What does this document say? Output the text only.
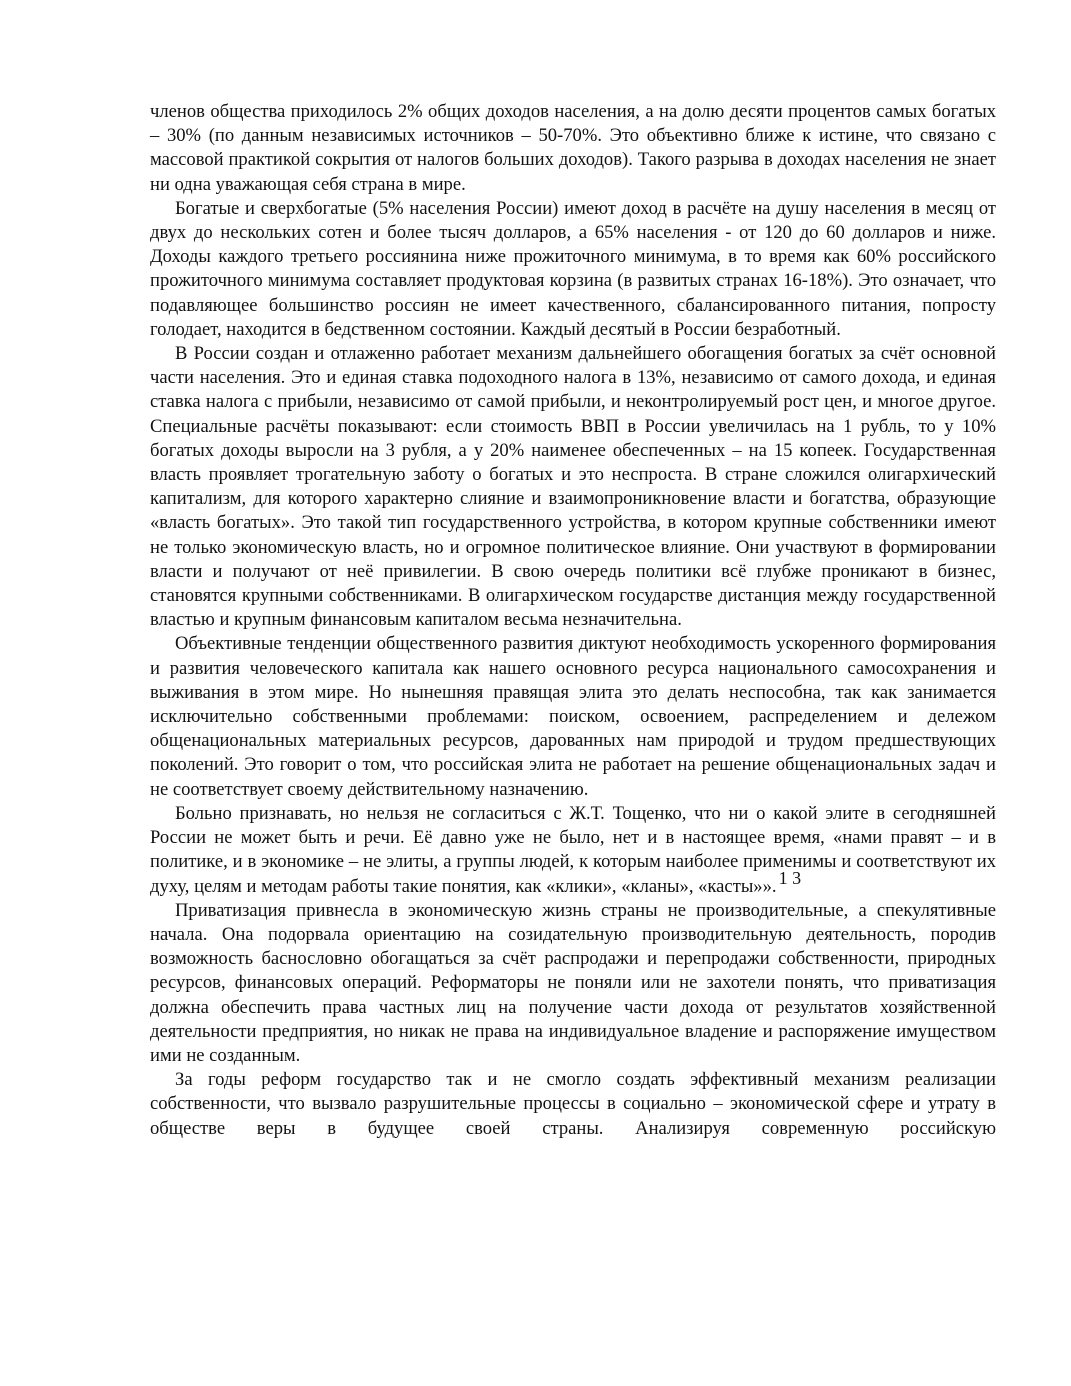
членов общества приходилось 2% общих доходов населения, а на долю десяти процентов самых богатых – 30% (по данным независимых источников – 50-70%. Это объективно ближе к истине, что связано с массовой практикой сокрытия от налогов больших доходов). Такого разрыва в доходах населения не знает ни одна уважающая себя страна в мире.

Богатые и сверхбогатые (5% населения России) имеют доход в расчёте на душу населения в месяц от двух до нескольких сотен и более тысяч долларов, а 65% населения - от 120 до 60 долларов и ниже. Доходы каждого третьего россиянина ниже прожиточного минимума, в то время как 60% российского прожиточного минимума составляет продуктовая корзина (в развитых странах 16-18%). Это означает, что подавляющее большинство россиян не имеет качественного, сбалансированного питания, попросту голодает, находится в бедственном состоянии. Каждый десятый в России безработный.

В России создан и отлаженно работает механизм дальнейшего обогащения богатых за счёт основной части населения. Это и единая ставка подоходного налога в 13%, независимо от самого дохода, и единая ставка налога с прибыли, независимо от самой прибыли, и неконтролируемый рост цен, и многое другое. Специальные расчёты показывают: если стоимость ВВП в России увеличилась на 1 рубль, то у 10% богатых доходы выросли на 3 рубля, а у 20% наименее обеспеченных – на 15 копеек. Государственная власть проявляет трогательную заботу о богатых и это неспроста. В стране сложился олигархический капитализм, для которого характерно слияние и взаимопроникновение власти и богатства, образующие «власть богатых». Это такой тип государственного устройства, в котором крупные собственники имеют не только экономическую власть, но и огромное политическое влияние. Они участвуют в формировании власти и получают от неё привилегии. В свою очередь политики всё глубже проникают в бизнес, становятся крупными собственниками. В олигархическом государстве дистанция между государственной властью и крупным финансовым капиталом весьма незначительна.

Объективные тенденции общественного развития диктуют необходимость ускоренного формирования и развития человеческого капитала как нашего основного ресурса национального самосохранения и выживания в этом мире. Но нынешняя правящая элита это делать неспособна, так как занимается исключительно собственными проблемами: поиском, освоением, распределением и дележом общенациональных материальных ресурсов, дарованных нам природой и трудом предшествующих поколений. Это говорит о том, что российская элита не работает на решение общенациональных задач и не соответствует своему действительному назначению.

Больно признавать, но нельзя не согласиться с Ж.Т. Тощенко, что ни о какой элите в сегодняшней России не может быть и речи. Её давно уже не было, нет и в настоящее время, «нами правят – и в политике, и в экономике – не элиты, а группы людей, к которым наиболее применимы и соответствуют их духу, целям и методам работы такие понятия, как «клики», «кланы», «касты»». 1 3

Приватизация привнесла в экономическую жизнь страны не производительные, а спекулятивные начала. Она подорвала ориентацию на созидательную производительную деятельность, породив возможность баснословно обогащаться за счёт распродажи и перепродажи собственности, природных ресурсов, финансовых операций. Реформаторы не поняли или не захотели понять, что приватизация должна обеспечить права частных лиц на получение части дохода от результатов хозяйственной деятельности предприятия, но никак не права на индивидуальное владение и распоряжение имуществом ими не созданным.

За годы реформ государство так и не смогло создать эффективный механизм реализации собственности, что вызвало разрушительные процессы в социально – экономической сфере и утрату в обществе веры в будущее своей страны. Анализируя современную российскую
